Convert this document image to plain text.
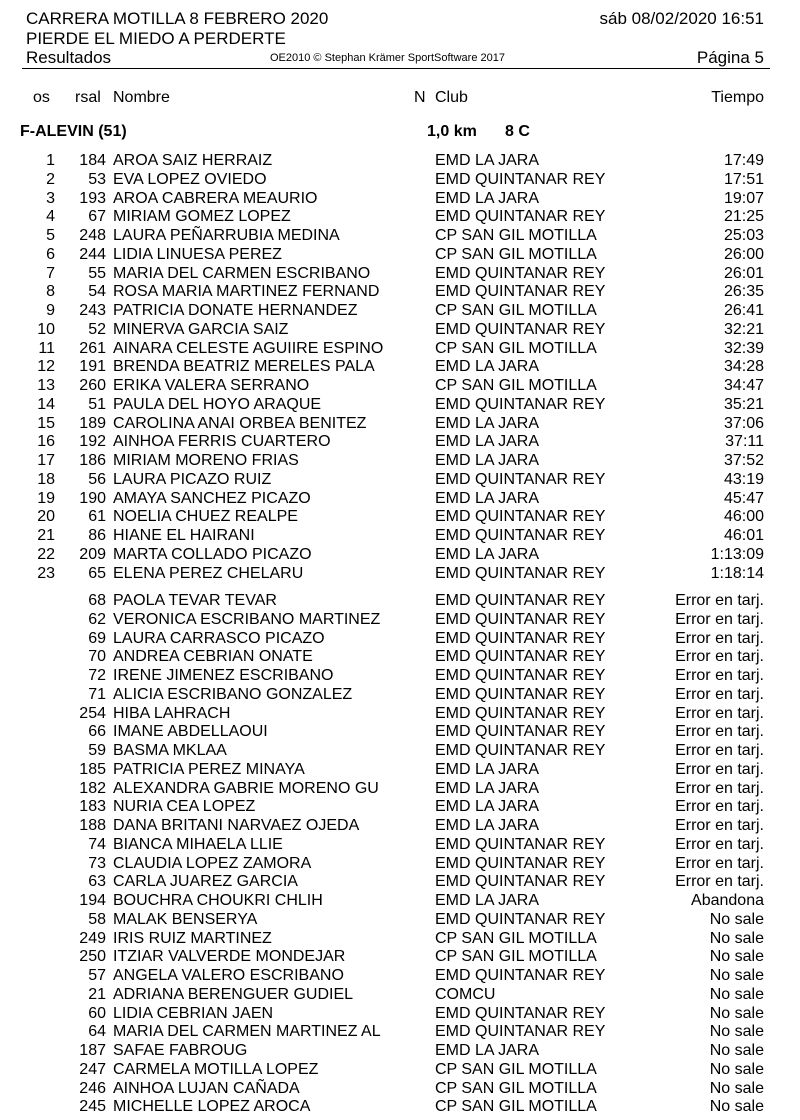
CARRERA MOTILLA 8 FEBRERO 2020
PIERDE EL MIEDO A PERDERTE
sáb 08/02/2020 16:51
Resultados	OE2010 © Stephan Krämer SportSoftware 2017	Página 5
os rsal Nombre	N Club	Tiempo
F-ALEVIN (51)	1,0 km 8 C
1	184 AROA SAIZ HERRAIZ	EMD LA JARA	17:49
2	53 EVA LOPEZ OVIEDO	EMD QUINTANAR REY	17:51
3	193 AROA CABRERA MEAURIO	EMD LA JARA	19:07
4	67 MIRIAM GOMEZ LOPEZ	EMD QUINTANAR REY	21:25
5	248 LAURA PEÑARRUBIA MEDINA	CP SAN GIL MOTILLA	25:03
6	244 LIDIA LINUESA PEREZ	CP SAN GIL MOTILLA	26:00
7	55 MARIA DEL CARMEN ESCRIBANO	EMD QUINTANAR REY	26:01
8	54 ROSA MARIA MARTINEZ FERNAND	EMD QUINTANAR REY	26:35
9	243 PATRICIA DONATE HERNANDEZ	CP SAN GIL MOTILLA	26:41
10	52 MINERVA GARCIA SAIZ	EMD QUINTANAR REY	32:21
11	261 AINARA CELESTE AGUIIRE ESPINO	CP SAN GIL MOTILLA	32:39
12	191 BRENDA BEATRIZ MERELES PALA	EMD LA JARA	34:28
13	260 ERIKA VALERA SERRANO	CP SAN GIL MOTILLA	34:47
14	51 PAULA DEL HOYO ARAQUE	EMD QUINTANAR REY	35:21
15	189 CAROLINA ANAI ORBEA BENITEZ	EMD LA JARA	37:06
16	192 AINHOA FERRIS CUARTERO	EMD LA JARA	37:11
17	186 MIRIAM MORENO FRIAS	EMD LA JARA	37:52
18	56 LAURA PICAZO RUIZ	EMD QUINTANAR REY	43:19
19	190 AMAYA SANCHEZ PICAZO	EMD LA JARA	45:47
20	61 NOELIA CHUEZ REALPE	EMD QUINTANAR REY	46:00
21	86 HIANE EL HAIRANI	EMD QUINTANAR REY	46:01
22	209 MARTA COLLADO PICAZO	EMD LA JARA	1:13:09
23	65 ELENA PEREZ CHELARU	EMD QUINTANAR REY	1:18:14
68 PAOLA TEVAR TEVAR	EMD QUINTANAR REY	Error en tarj.
62 VERONICA ESCRIBANO MARTINEZ	EMD QUINTANAR REY	Error en tarj.
69 LAURA CARRASCO PICAZO	EMD QUINTANAR REY	Error en tarj.
70 ANDREA CEBRIAN ONATE	EMD QUINTANAR REY	Error en tarj.
72 IRENE JIMENEZ ESCRIBANO	EMD QUINTANAR REY	Error en tarj.
71 ALICIA ESCRIBANO GONZALEZ	EMD QUINTANAR REY	Error en tarj.
254 HIBA LAHRACH	EMD QUINTANAR REY	Error en tarj.
66 IMANE ABDELLAOUI	EMD QUINTANAR REY	Error en tarj.
59 BASMA MKLAA	EMD QUINTANAR REY	Error en tarj.
185 PATRICIA PEREZ MINAYA	EMD LA JARA	Error en tarj.
182 ALEXANDRA GABRIE MORENO GU	EMD LA JARA	Error en tarj.
183 NURIA CEA LOPEZ	EMD LA JARA	Error en tarj.
188 DANA BRITANI NARVAEZ OJEDA	EMD LA JARA	Error en tarj.
74 BIANCA MIHAELA LLIE	EMD QUINTANAR REY	Error en tarj.
73 CLAUDIA LOPEZ ZAMORA	EMD QUINTANAR REY	Error en tarj.
63 CARLA JUAREZ GARCIA	EMD QUINTANAR REY	Error en tarj.
194 BOUCHRA CHOUKRI CHLIH	EMD LA JARA	Abandona
58 MALAK BENSERYA	EMD QUINTANAR REY	No sale
249 IRIS RUIZ MARTINEZ	CP SAN GIL MOTILLA	No sale
250 ITZIAR VALVERDE MONDEJAR	CP SAN GIL MOTILLA	No sale
57 ANGELA VALERO ESCRIBANO	EMD QUINTANAR REY	No sale
21 ADRIANA BERENGUER GUDIEL	COMCU	No sale
60 LIDIA CEBRIAN JAEN	EMD QUINTANAR REY	No sale
64 MARIA DEL CARMEN MARTINEZ AL	EMD QUINTANAR REY	No sale
187 SAFAE FABROUG	EMD LA JARA	No sale
247 CARMELA MOTILLA LOPEZ	CP SAN GIL MOTILLA	No sale
246 AINHOA LUJAN CAÑADA	CP SAN GIL MOTILLA	No sale
245 MICHELLE LOPEZ AROCA	CP SAN GIL MOTILLA	No sale
